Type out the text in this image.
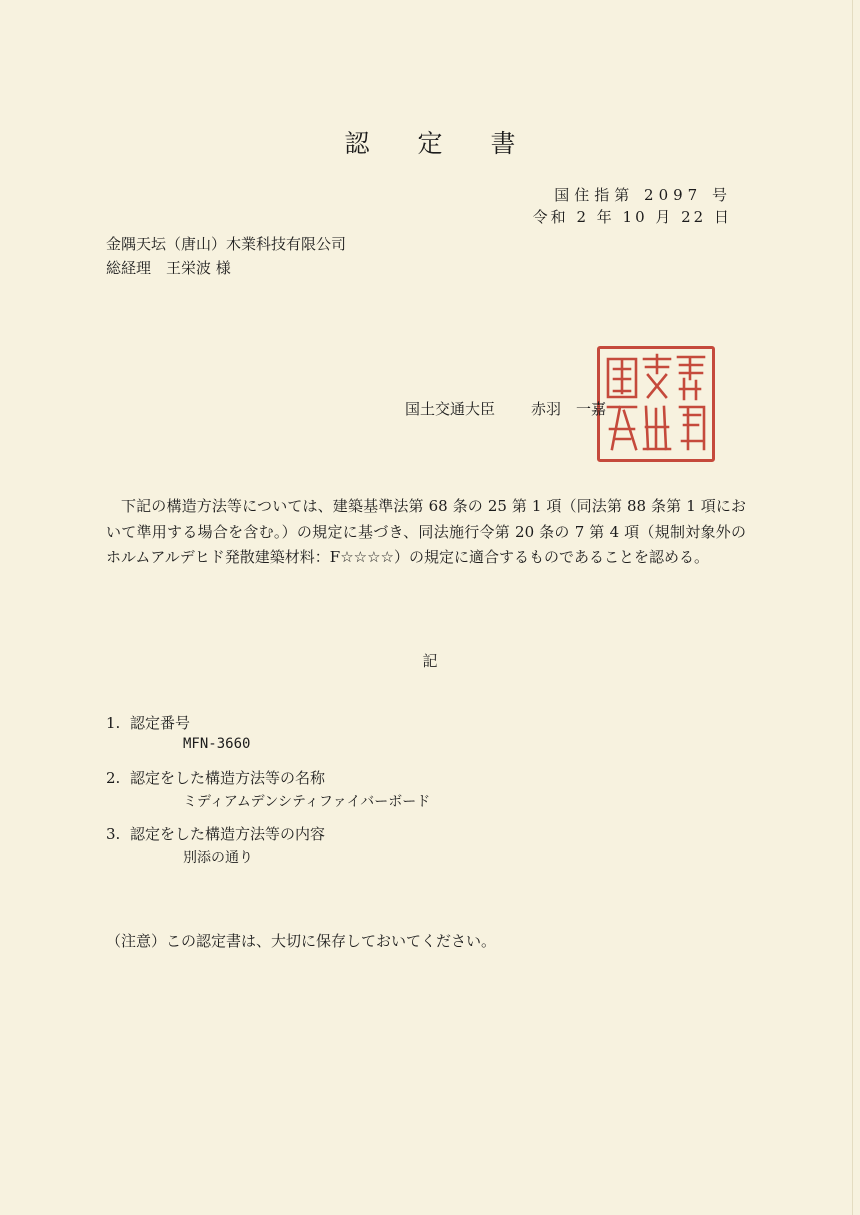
認 定 書
国住指第 2097 号
令和 2 年 10 月 22 日
金隅天坛（唐山）木業科技有限公司
総経理　王栄波 様
国土交通大臣 赤羽　一嘉
下記の構造方法等については、建築基準法第 68 条の 25 第 1 項（同法第 88 条第 1 項において準用する場合を含む。）の規定に基づき、同法施行令第 20 条の 7 第 4 項（規制対象外のホルムアルデヒド発散建築材料：F☆☆☆☆）の規定に適合するものであることを認める。
記
1. 認定番号
MFN-3660
2. 認定をした構造方法等の名称
ミディアムデンシティファイバーボード
3. 認定をした構造方法等の内容
別添の通り
（注意）この認定書は、大切に保存しておいてください。
